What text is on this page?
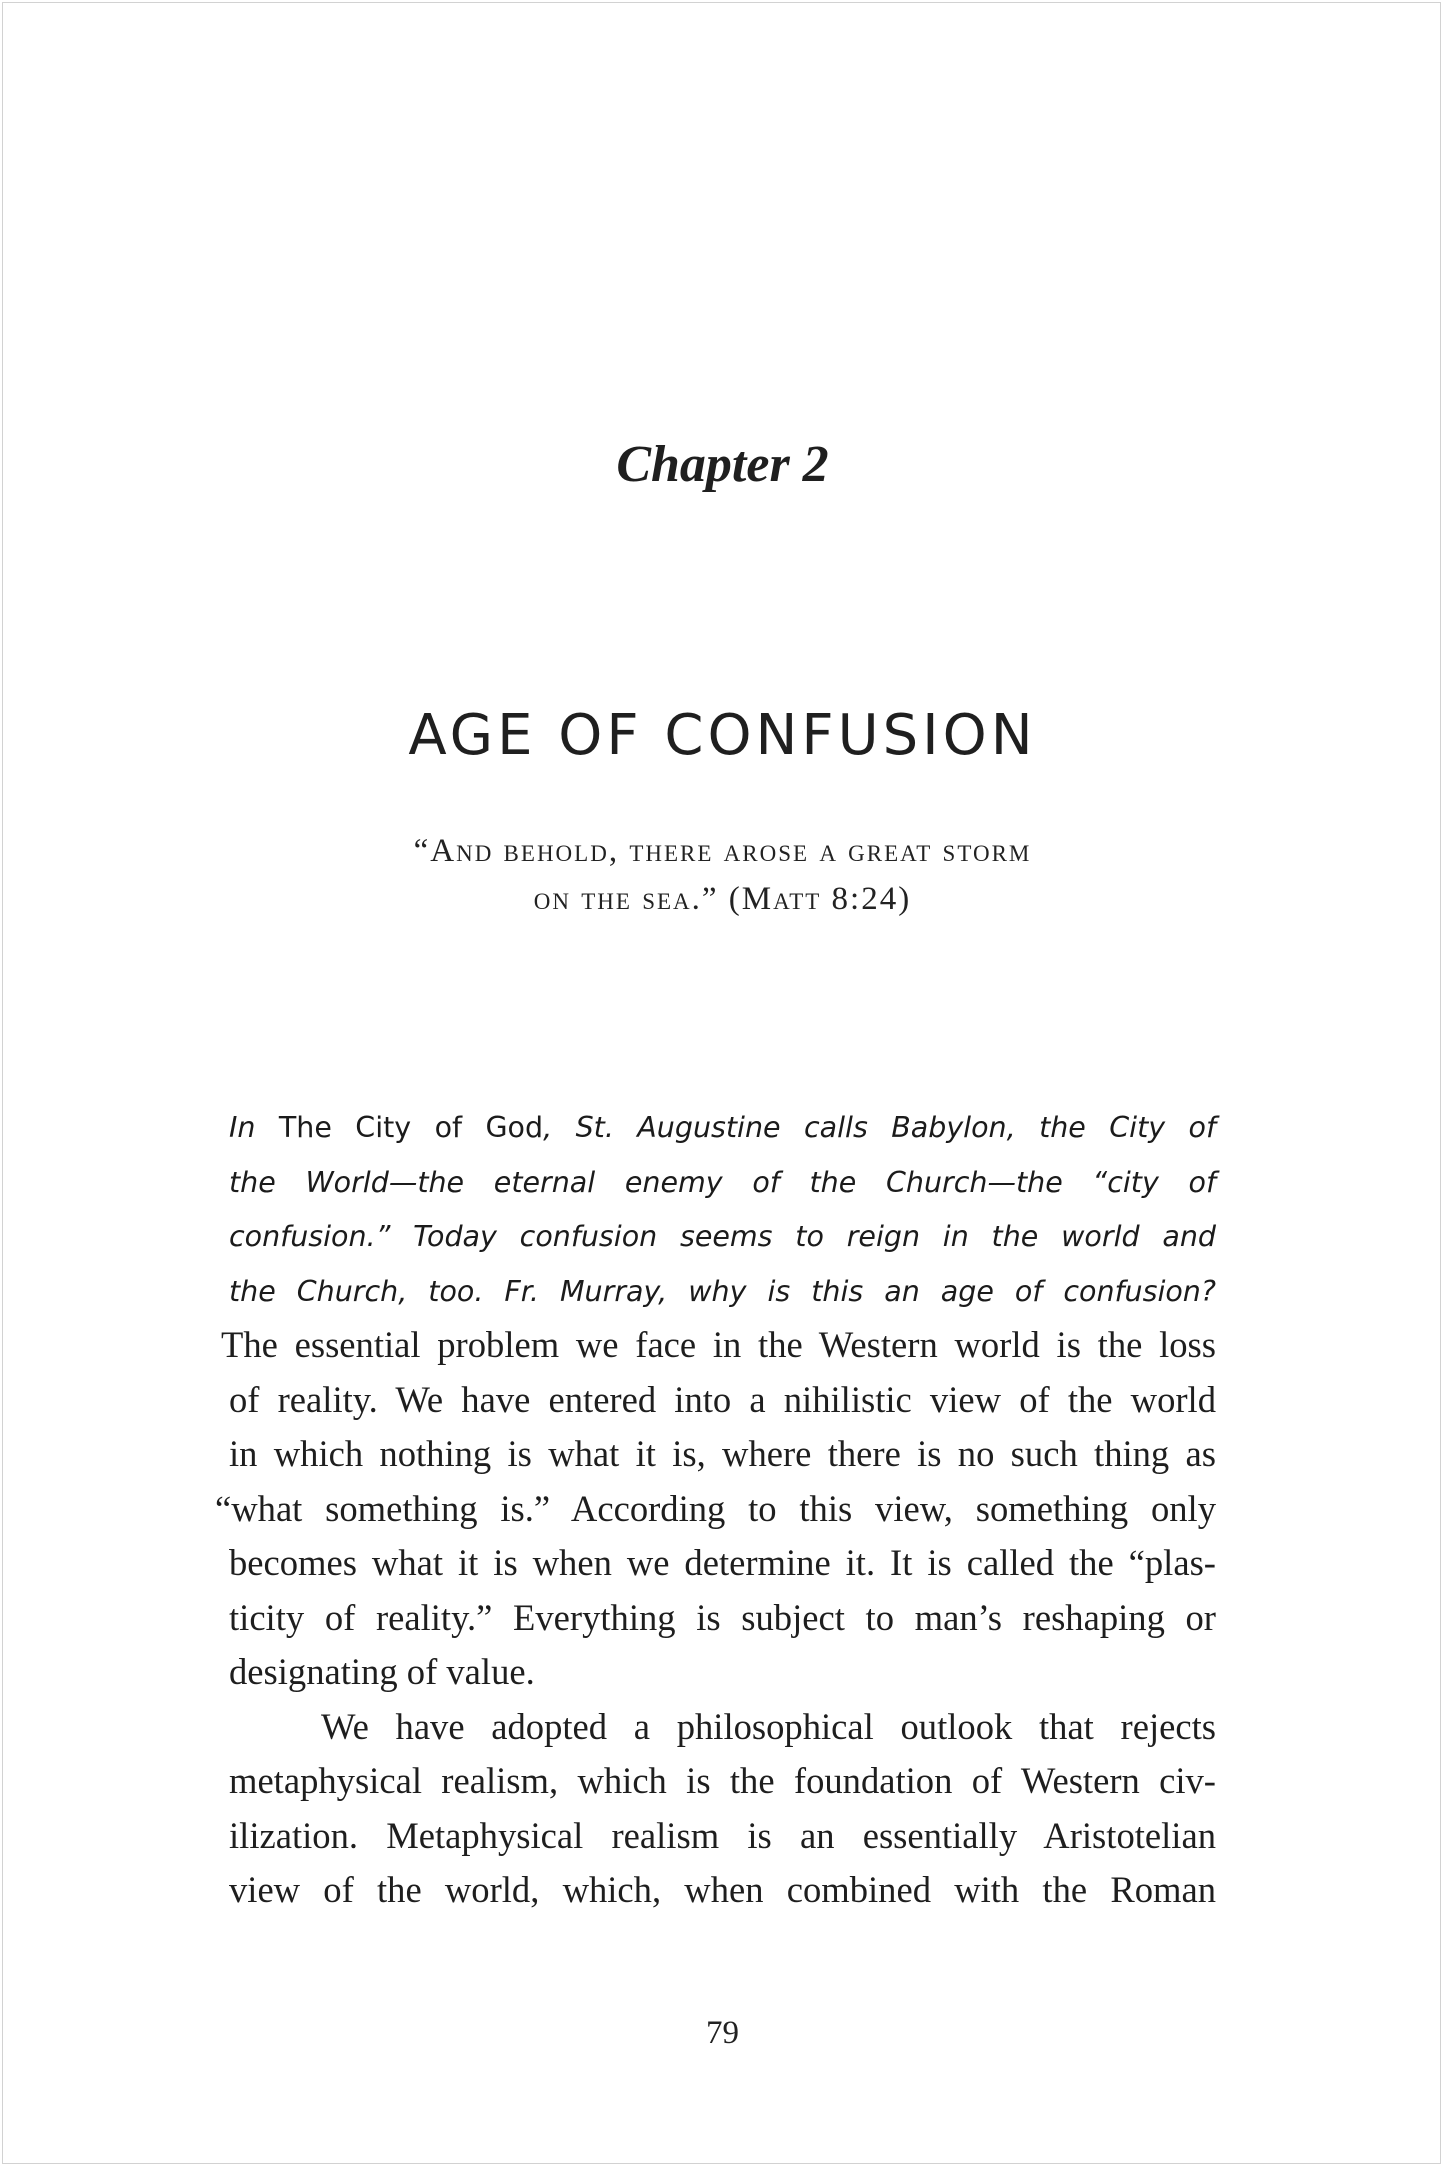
Chapter 2
AGE OF CONFUSION
“And behold, there arose a great storm
on the sea.” (Matt 8:24)
In The City of God, St. Augustine calls Babylon, the City of
the World—the eternal enemy of the Church—the “city of
confusion.” Today confusion seems to reign in the world and
the Church, too. Fr. Murray, why is this an age of confusion?
The essential problem we face in the Western world is the loss
of reality. We have entered into a nihilistic view of the world
in which nothing is what it is, where there is no such thing as
“what something is.” According to this view, something only
becomes what it is when we determine it. It is called the “plas-
ticity of reality.” Everything is subject to man’s reshaping or
designating of value.
We have adopted a philosophical outlook that rejects
metaphysical realism, which is the foundation of Western civ-
ilization. Metaphysical realism is an essentially Aristotelian
view of the world, which, when combined with the Roman
79
